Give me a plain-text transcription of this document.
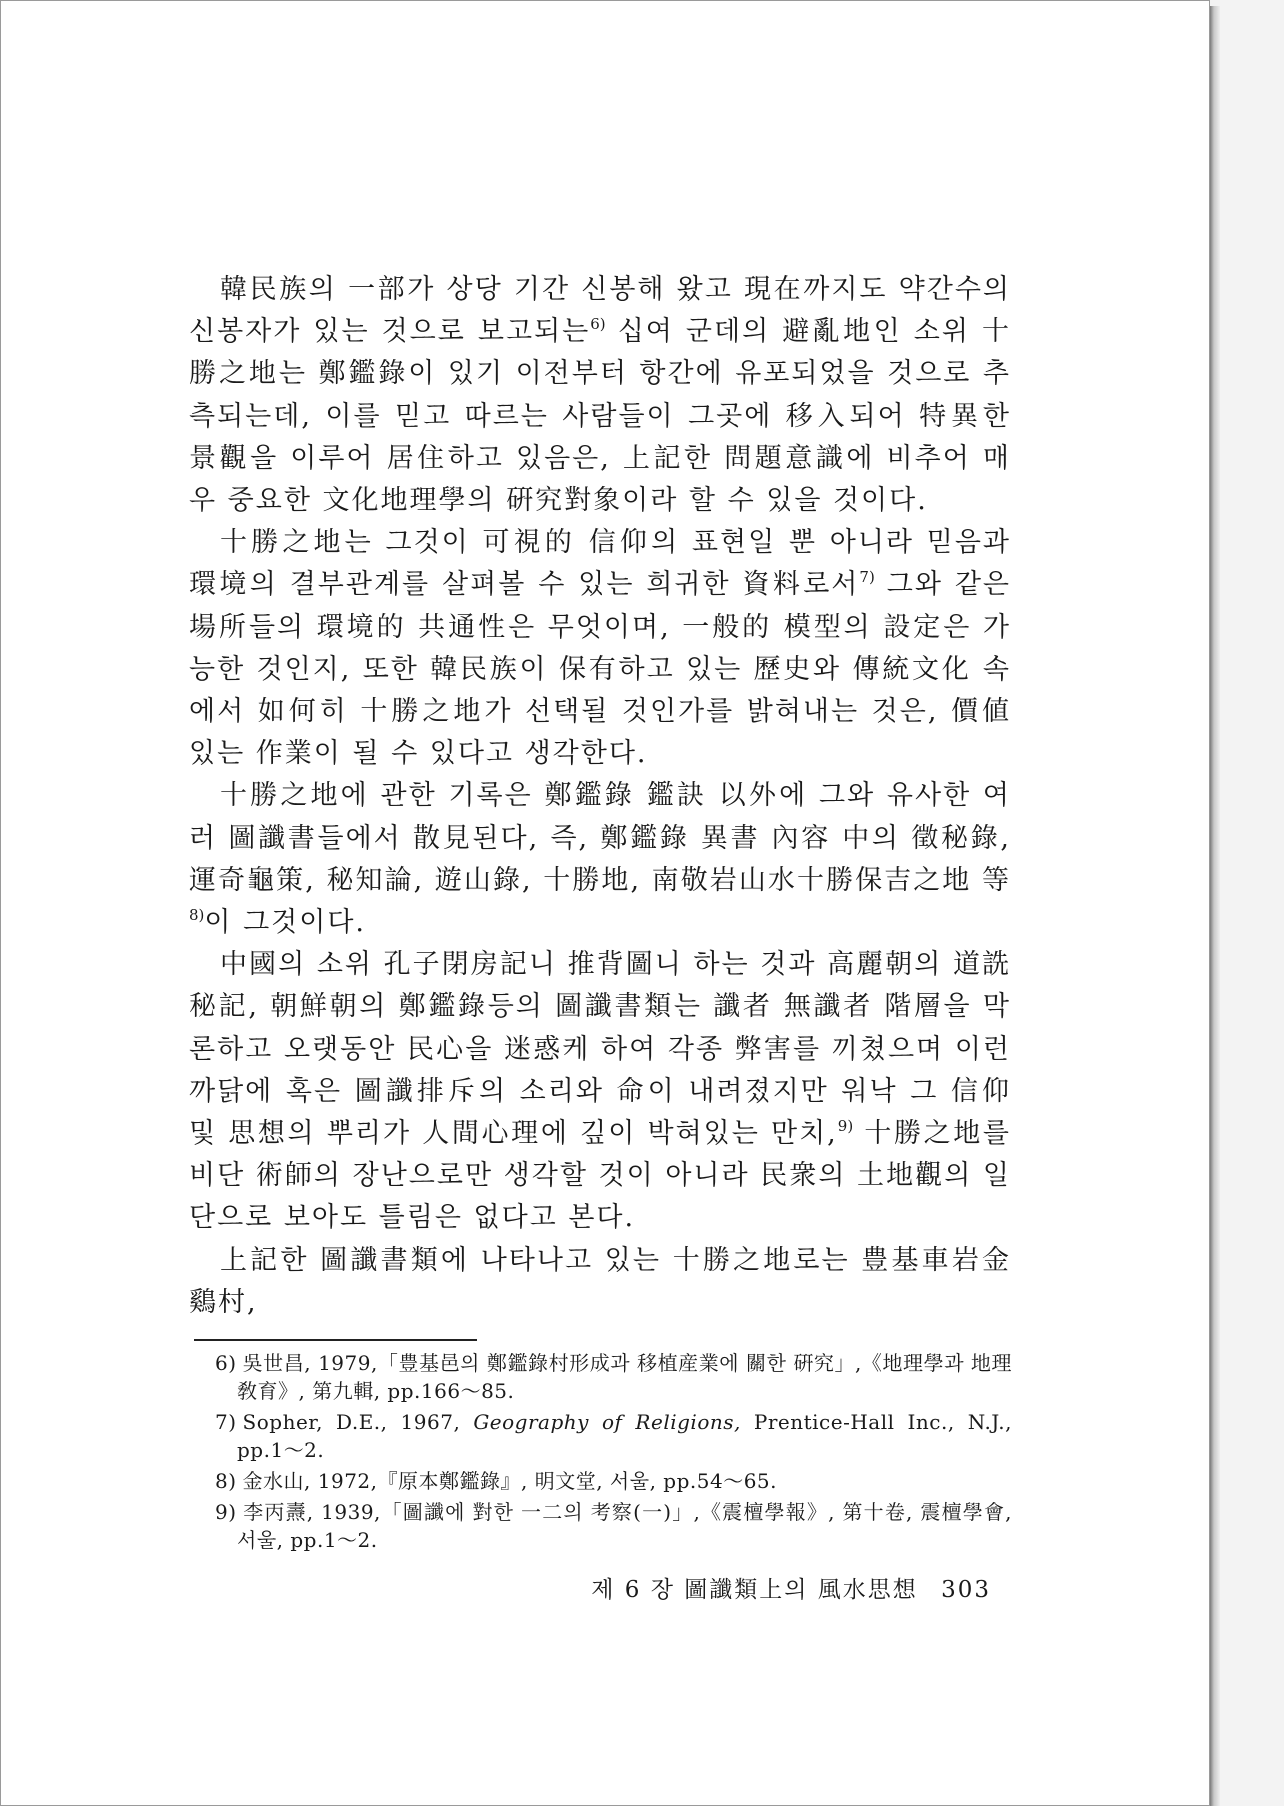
韓民族의 一部가 상당 기간 신봉해 왔고 現在까지도 약간수의 신봉자가 있는 것으로 보고되는$^{6)}$ 십여 군데의 避亂地인 소위 十勝之地는 鄭鑑錄이 있기 이전부터 항간에 유포되었을 것으로 추측되는데, 이를 믿고 따르는 사람들이 그곳에 移入되어 特異한 景觀을 이루어 居住하고 있음은, 上記한 問題意識에 비추어 매우 중요한 文化地理學의 硏究對象이라 할 수 있을 것이다.

十勝之地는 그것이 可視的 信仰의 표현일 뿐 아니라 믿음과 環境의 결부관계를 살펴볼 수 있는 희귀한 資料로서$^{7)}$ 그와 같은 場所들의 環境的 共通性은 무엇이며, 一般的 模型의 設定은 가능한 것인지, 또한 韓民族이 保有하고 있는 歷史와 傳統文化 속에서 如何히 十勝之地가 선택될 것인가를 밝혀내는 것은, 價値있는 作業이 될 수 있다고 생각한다.

十勝之地에 관한 기록은 鄭鑑錄 鑑訣 以外에 그와 유사한 여러 圖讖書들에서 散見된다, 즉, 鄭鑑錄 異書 內容 中의 徵秘錄, 運奇龜策, 秘知論, 遊山錄, 十勝地, 南敬岩山水十勝保吉之地 等$^{8)}$이 그것이다.

中國의 소위 孔子閉房記니 推背圖니 하는 것과 高麗朝의 道詵秘記, 朝鮮朝의 鄭鑑錄등의 圖讖書類는 讖者 無讖者 階層을 막론하고 오랫동안 民心을 迷惑케 하여 각종 弊害를 끼쳤으며 이런 까닭에 혹은 圖讖排斥의 소리와 命이 내려졌지만 워낙 그 信仰 및 思想의 뿌리가 人間心理에 깊이 박혀있는 만치,$^{9)}$ 十勝之地를 비단 術師의 장난으로만 생각할 것이 아니라 民衆의 土地觀의 일단으로 보아도 틀림은 없다고 본다.

上記한 圖讖書類에 나타나고 있는 十勝之地로는 豊基車岩金鷄村,

6) 吳世昌, 1979,「豊基邑의 鄭鑑錄村形成과 移植産業에 關한 硏究」,《地理學과 地理敎育》, 第九輯, pp.166～85.
7) Sopher, D.E., 1967, Geography of Religions, Prentice-Hall Inc., N.J., pp.1～2.
8) 金水山, 1972,『原本鄭鑑錄』, 明文堂, 서울, pp.54～65.
9) 李丙燾, 1939,「圖讖에 對한 一二의 考察(一)」,《震檀學報》, 第十卷, 震檀學會, 서울, pp.1～2.
제 6 장 圖讖類上의 風水思想 303
